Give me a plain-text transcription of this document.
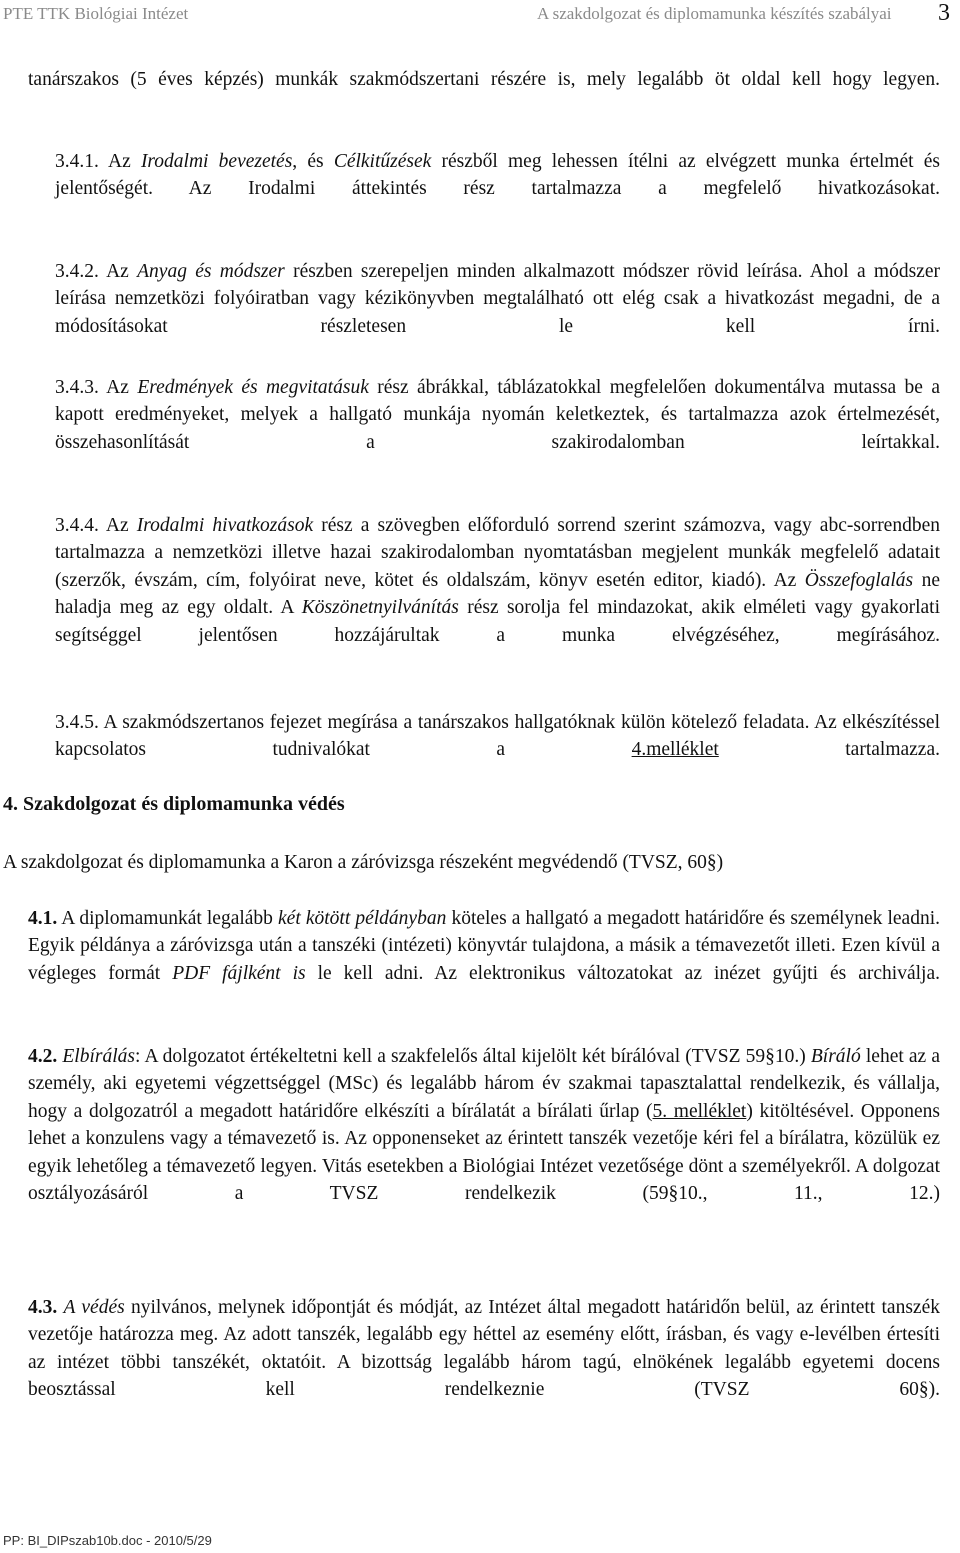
PTE TTK Biológiai Intézet	A szakdolgozat és diplomamunka készítés szabályai 3

tanárszakos (5 éves képzés) munkák szakmódszertani részére is, mely legalább öt oldal kell hogy legyen.

3.4.1. Az Irodalmi bevezetés, és Célkitűzések részből meg lehessen ítélni az elvégzett munka értelmét és jelentőségét. Az Irodalmi áttekintés rész tartalmazza a megfelelő hivatkozásokat.

3.4.2. Az Anyag és módszer részben szerepeljen minden alkalmazott módszer rövid leírása. Ahol a módszer leírása nemzetközi folyóiratban vagy kézikönyvben megtalálható ott elég csak a hivatkozást megadni, de a módosításokat részletesen le kell írni.

3.4.3. Az Eredmények és megvitatásuk rész ábrákkal, táblázatokkal megfelelően dokumentálva mutassa be a kapott eredményeket, melyek a hallgató munkája nyomán keletkeztek, és tartalmazza azok értelmezését, összehasonlítását a szakirodalomban leírtakkal.

3.4.4. Az Irodalmi hivatkozások rész a szövegben előforduló sorrend szerint számozva, vagy abc-sorrendben tartalmazza a nemzetközi illetve hazai szakirodalomban nyomtatásban megjelent munkák megfelelő adatait (szerzők, évszám, cím, folyóirat neve, kötet és oldalszám, könyv esetén editor, kiadó). Az Összefoglalás ne haladja meg az egy oldalt. A Köszönetnyilvánítás rész sorolja fel mindazokat, akik elméleti vagy gyakorlati segítséggel jelentősen hozzájárultak a munka elvégzéséhez, megírásához.

3.4.5. A szakmódszertanos fejezet megírása a tanárszakos hallgatóknak külön kötelező feladata. Az elkészítéssel kapcsolatos tudnivalókat a 4.melléklet tartalmazza.

4. Szakdolgozat és diplomamunka védés

A szakdolgozat és diplomamunka a Karon a záróvizsga részeként megvédendő (TVSZ, 60§)

4.1. A diplomamunkát legalább két kötött példányban köteles a hallgató a megadott határidőre és személynek leadni. Egyik példánya a záróvizsga után a tanszéki (intézeti) könyvtár tulajdona, a másik a témavezetőt illeti. Ezen kívül a végleges formát PDF fájlként is le kell adni. Az elektronikus változatokat az inézet gyűjti és archiválja.

4.2. Elbírálás: A dolgozatot értékeltetni kell a szakfelelős által kijelölt két bírálóval (TVSZ 59§10.) Bíráló lehet az a személy, aki egyetemi végzettséggel (MSc) és legalább három év szakmai tapasztalattal rendelkezik, és vállalja, hogy a dolgozatról a megadott határidőre elkészíti a bírálatát a bírálati űrlap (5. melléklet) kitöltésével. Opponens lehet a konzulens vagy a témavezető is. Az opponenseket az érintett tanszék vezetője kéri fel a bírálatra, közülük ez egyik lehetőleg a témavezető legyen. Vitás esetekben a Biológiai Intézet vezetősége dönt a személyekről. A dolgozat osztályozásáról a TVSZ rendelkezik (59§10., 11., 12.)

4.3. A védés nyilvános, melynek időpontját és módját, az Intézet által megadott határidőn belül, az érintett tanszék vezetője határozza meg. Az adott tanszék, legalább egy héttel az esemény előtt, írásban, és vagy e-levélben értesíti az intézet többi tanszékét, oktatóit. A bizottság legalább három tagú, elnökének legalább egyetemi docens beosztással kell rendelkeznie (TVSZ 60§).

PP: BI_DIPszab10b.doc - 2010/5/29
